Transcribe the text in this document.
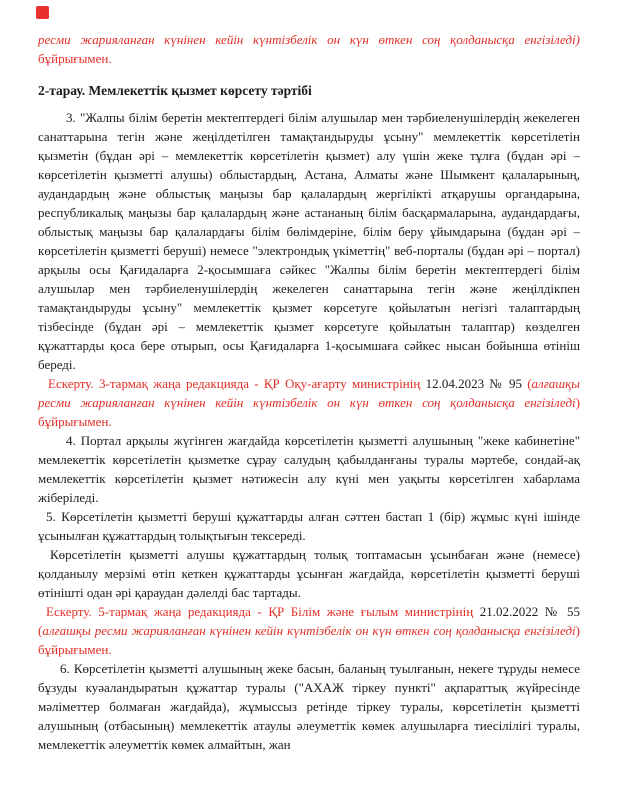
ресми жарияланған күнінен кейін күнтізбелік он күн өткен соң қолданысқа енгізіледі) бұйрығымен.

2-тарау. Мемлекеттік қызмет көрсету тәртібі

3. "Жалпы білім беретін мектептердегі білім алушылар мен тәрбиеленушілердің жекелеген санаттарына тегін және жеңілдетілген тамақтандыруды ұсыну" мемлекеттік көрсетілетін қызметін (бұдан әрі – мемлекеттік көрсетілетін қызмет) алу үшін жеке тұлға (бұдан әрі – көрсетілетін қызметті алушы) облыстардың, Астана, Алматы және Шымкент қалаларының, аудандардың және облыстық маңызы бар қалалардың жергілікті атқарушы органдарына, республикалық маңызы бар қалалардың және астананың білім басқармаларына, аудандардағы, облыстық маңызы бар қалалардағы білім бөлімдеріне, білім беру ұйымдарына (бұдан әрі – көрсетілетін қызметті беруші) немесе "электрондық үкіметтің" веб-порталы (бұдан әрі – портал) арқылы осы Қағидаларға 2-қосымшаға сәйкес "Жалпы білім беретін мектептердегі білім алушылар мен тәрбиеленушілердің жекелеген санаттарына тегін және жеңілдікпен тамақтандыруды ұсыну" мемлекеттік қызмет көрсетуге қойылатын негізгі талаптардың тізбесінде (бұдан әрі – мемлекеттік қызмет көрсетуге қойылатын талаптар) көзделген құжаттарды қоса бере отырып, осы Қағидаларға 1-қосымшаға сәйкес нысан бойынша өтініш береді.

Ескерту. 3-тармақ жаңа редакцияда - ҚР Оқу-ағарту министрінің 12.04.2023 № 95 (алғашқы ресми жарияланған күнінен кейін күнтізбелік он күн өткен соң қолданысқа енгізіледі) бұйрығымен.

4. Портал арқылы жүгінген жағдайда көрсетілетін қызметті алушының "жеке кабинетіне" мемлекеттік көрсетілетін қызметке сұрау салудың қабылданғаны туралы мәртебе, сондай-ақ мемлекеттік көрсетілетін қызмет нәтижесін алу күні мен уақыты көрсетілген хабарлама жіберіледі.

5. Көрсетілетін қызметті беруші құжаттарды алған сәттен бастап 1 (бір) жұмыс күні ішінде ұсынылған құжаттардың толықтығын тексереді.

Көрсетілетін қызметті алушы құжаттардың толық топтамасын ұсынбаған және (немесе) қолданылу мерзімі өтіп кеткен құжаттарды ұсынған жағдайда, көрсетілетін қызметті беруші өтінішті одан әрі қараудан дәлелді бас тартады.

Ескерту. 5-тармақ жаңа редакцияда - ҚР Білім және ғылым министрінің 21.02.2022 № 55 (алғашқы ресми жарияланған күнінен кейін күнтізбелік он күн өткен соң қолданысқа енгізіледі) бұйрығымен.

6. Көрсетілетін қызметті алушының жеке басын, баланың туылғанын, некеге тұруды немесе бұзуды куәаландыратын құжаттар туралы ("АХАЖ тіркеу пункті" ақпараттық жүйресінде мәліметтер болмаған жағдайда), жұмыссыз ретінде тіркеу туралы, көрсетілетін қызметті алушының (отбасының) мемлекеттік атаулы әлеуметтік көмек алушыларға тиесілілігі туралы, мемлекеттік әлеуметтік көмек алмайтын, жан
